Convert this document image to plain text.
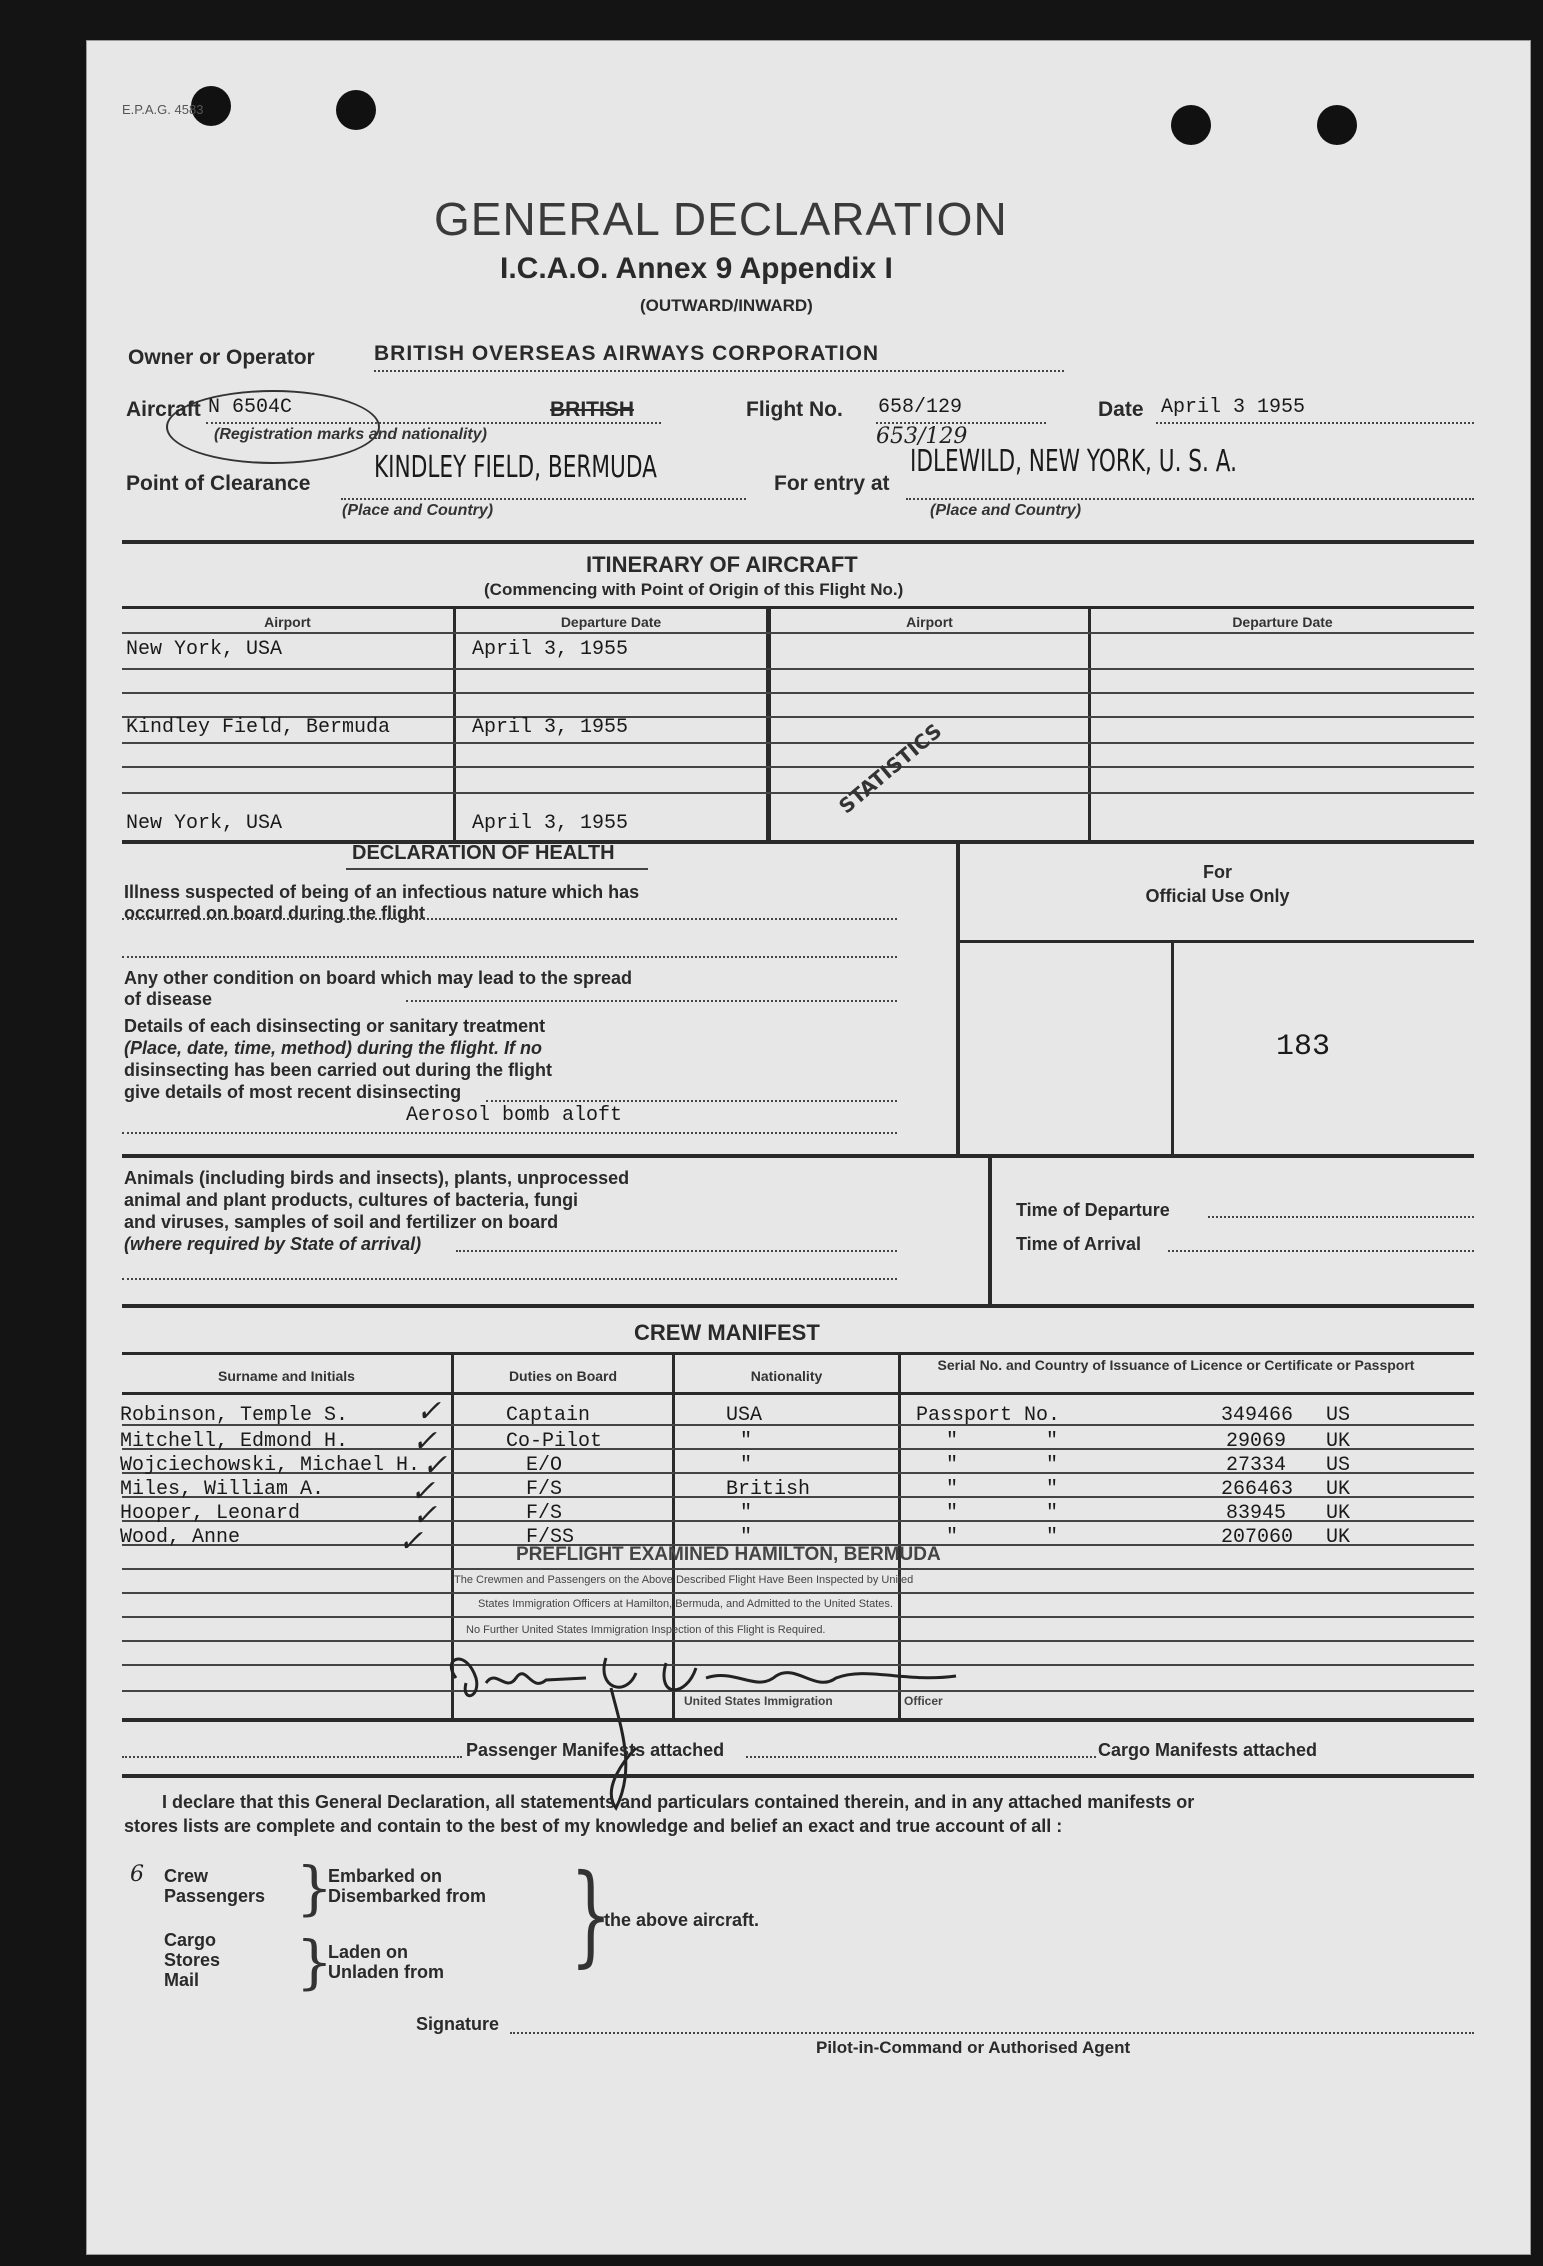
E.P.A.G. 4583
GENERAL DECLARATION
I.C.A.O. Annex 9 Appendix I
(OUTWARD/INWARD)
Owner or Operator	BRITISH OVERSEAS AIRWAYS CORPORATION
Aircraft N 6504C	BRITISH
(Registration marks and nationality)
Flight No. 658/129
653/129
Date April 3 1955
Point of Clearance KINDLEY FIELD, BERMUDA
(Place and Country)
For entry at
IDLEWILD, NEW YORK, U. S. A.
(Place and Country)
ITINERARY OF AIRCRAFT
(Commencing with Point of Origin of this Flight No.)
Airport	Departure Date	Airport	Departure Date
New York, USA	April 3, 1955
Kindley Field, Bermuda	April 3, 1955
New York, USA	April 3, 1955
STATISTICS
DECLARATION OF HEALTH
Illness suspected of being of an infectious nature which has occurred on board during the flight
Any other condition on board which may lead to the spread of disease
Details of each disinsecting or sanitary treatment
(Place, date, time, method) during the flight. If no
disinsecting has been carried out during the flight
give details of most recent disinsecting
Aerosol bomb aloft
For
Official Use Only
183
Animals (including birds and insects), plants, unprocessed
animal and plant products, cultures of bacteria, fungi
and viruses, samples of soil and fertilizer on board
(where required by State of arrival)
Time of Departure
Time of Arrival
CREW MANIFEST
Surname and Initials	Duties on Board	Nationality
Serial No. and Country of Issuance of Licence or Certificate or Passport
Robinson, Temple S.	Captain	USA	Passport No.	349466 US
Mitchell, Edmond H.	Co-Pilot	"	"	"	29069 UK
Wojciechowski, Michael H.	E/O	"	"	"	27334 US
Miles, William A.	F/S	British	"	"	266463 UK
Hooper, Leonard	F/S	"	"	"	83945 UK
Wood, Anne	F/SS	"	"	"	207060 UK
✓
✓
✓
✓
✓
✓	PREFLIGHT EXAMINED HAMILTON, BERMUDA
The Crewmen and Passengers on the Above Described Flight Have Been Inspected by United
States Immigration Officers at Hamilton, Bermuda, and Admitted to the United States.
No Further United States Immigration Inspection of this Flight is Required.
United States Immigration	Officer
Passenger Manifests attached	Cargo Manifests attached
I declare that this General Declaration, all statements and particulars contained therein, and in any attached manifests or
stores lists are complete and contain to the best of my knowledge and belief an exact and true account of all :
6 Crew
Passengers }
Embarked on
Disembarked from
Cargo
Stores
Mail }
Laden on
Unladen from }
the above aircraft.
Signature
Pilot-in-Command or Authorised Agent
